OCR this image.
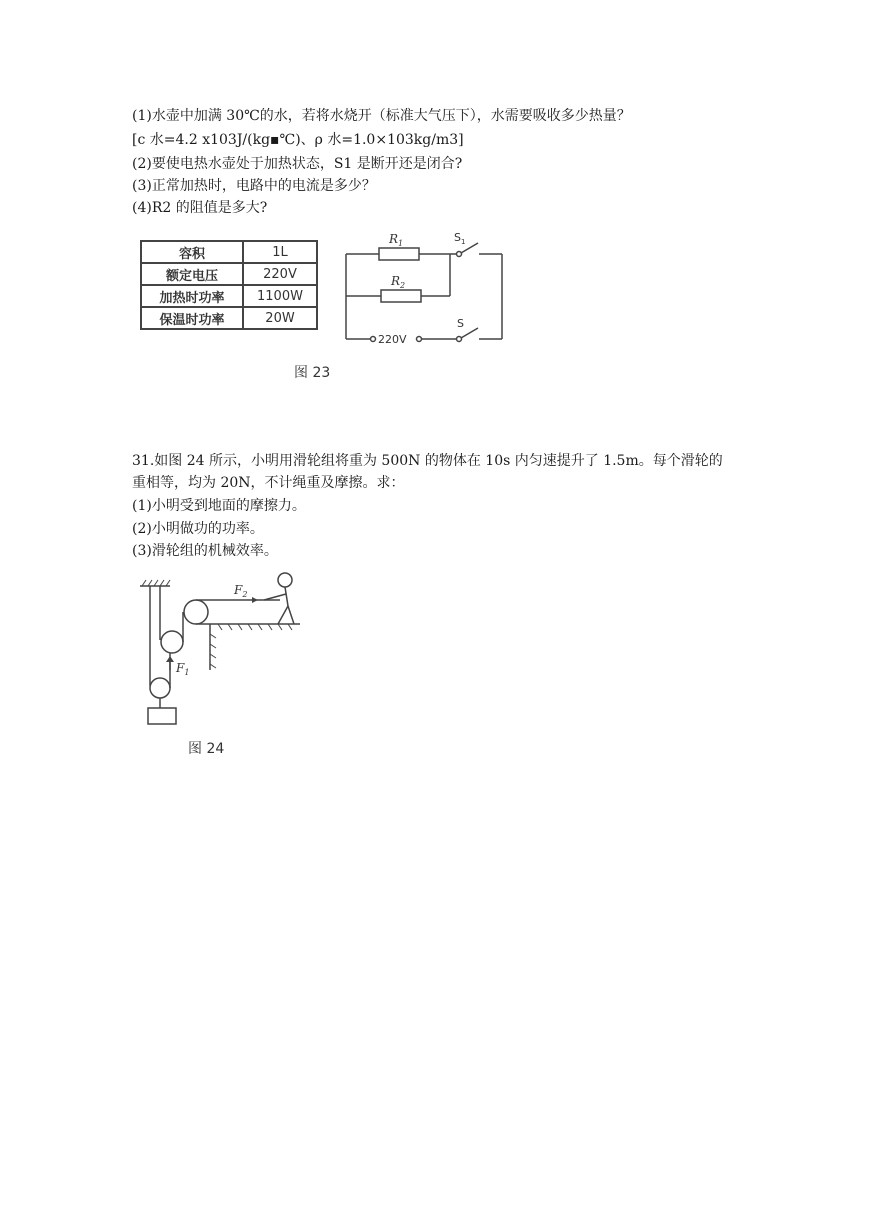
(1)水壶中加满 30℃的水，若将水烧开（标准大气压下），水需要吸收多少热量？
[c 水=4.2 x103J/(kg▪℃)、ρ 水=1.0×103kg/m3]
(2)要使电热水壶处于加热状态，S1 是断开还是闭合?
(3)正常加热时，电路中的电流是多少？
(4)R2 的阻值是多大?
容积	1L
额定电压	220V
加热时功率	1100W
保温时功率	20W
$R_1$
$R_2$
$S_1$
S
220V
图 23
31.如图 24 所示，小明用滑轮组将重为 500N 的物体在 10s 内匀速提升了 1.5m。每个滑轮的
重相等，均为 20N，不计绳重及摩擦。求：
(1)小明受到地面的摩擦力。
(2)小明做功的功率。
(3)滑轮组的机械效率。
$F_1$
$F_2$
图 24
